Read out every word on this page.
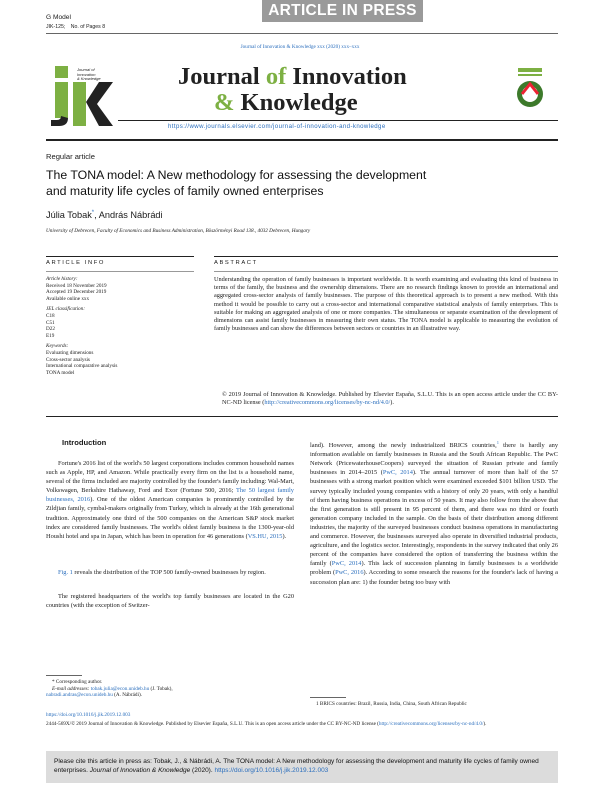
G Model
JIK-125; No. of Pages 8
ARTICLE IN PRESS
Journal of Innovation & Knowledge xxx (2020) xxx–xxx
Journal of
Innovation
& Knowledge	Journal of Innovation
& Knowledge
https://www.journals.elsevier.com/journal-of-innovation-and-knowledge
Regular article
The TONA model: A New methodology for assessing the development and maturity life cycles of family owned enterprises
Júlia Tobak*, András Nábrádi
University of Debrecen, Faculty of Economics and Business Administration, Böszörményi Road 138., 4032 Debrecen, Hungary
ARTICLE INFO
Article history:
Received 18 November 2019
Accepted 19 December 2019
Available online xxx
JEL classification:
C18
C51
D22
E19
Keywords:
Evaluating dimensions
Cross-sector analysis
International comparative analysis
TONA model
ABSTRACT
Understanding the operation of family businesses is important worldwide. It is worth examining and evaluating this kind of business in terms of the family, the business and the ownership dimensions. There are no research findings known to provide an international and aggregated cross-sector analysis of family businesses. The purpose of this theoretical approach is to present a new method. With this method it would be possible to carry out a cross-sector and international comparative statistical analysis of family enterprises. This is suitable for making an aggregated analysis of one or more companies. The simultaneous or separate examination of the development of dimensions can assist family businesses in measuring their own status. The TONA model is applicable to measuring the evolution of family businesses and can show the differences between sectors or countries in an illustrative way.
© 2019 Journal of Innovation & Knowledge. Published by Elsevier España, S.L.U. This is an open access article under the CC BY-NC-ND license (http://creativecommons.org/licenses/by-nc-nd/4.0/).
Introduction
Fortune's 2016 list of the world's 50 largest corporations includes common household names such as Apple, HP, and Amazon. While practically every firm on the list is a household name, several of the firms included are majority controlled by the founder's family including: Wal-Mart, Volkswagen, Berkshire Hathaway, Ford and Exor (Fortune 500, 2016; The 50 largest family businesses, 2016). One of the oldest American companies is prominently controlled by the Zildjian family, cymbal-makers originally from Turkey, which is already at the 16th generational tradition. Approximately one third of the 500 companies on the American S&P stock market index are considered family businesses. The world's oldest family business is the 1300-year-old Houshi hotel and spa in Japan, which has been in operation for 46 generations (VS.HU, 2015).
Fig. 1 reveals the distribution of the TOP 500 family-owned businesses by region.
The registered headquarters of the world's top family businesses are located in the G20 countries (with the exception of Switzer-
land). However, among the newly industrialized BRICS countries,$^1$ there is hardly any information available on family businesses in Russia and the South African Republic. The PwC Network (PricewaterhouseCoopers) surveyed the situation of Russian private and family businesses in 2014–2015 (PwC, 2014). The annual turnover of more than half of the 57 businesses with a strong market position which were examined exceeded $101 billion USD. The survey typically included young companies with a history of only 20 years, with only a handful of them having business operations in excess of 50 years. It may also follow from the above that the first generation is still present in 95 percent of them, and there was no third or fourth generation company included in the sample. On the basis of their distribution among different industries, the majority of the surveyed businesses conduct business operations in manufacturing and commerce. However, the businesses surveyed also operate in diversified industrial products, agriculture, and the logistics sector. Interestingly, respondents in the survey indicated that only 26 percent of the companies have considered the option of transferring the business within the family (PwC, 2014). This lack of succession planning in family businesses is a worldwide problem (PwC, 2016). According to some research the reasons for the founder's lack of having a succession plan are: 1) the founder being too busy with
* Corresponding author.
E-mail addresses: tobak.julia@econ.unideb.hu (J. Tobak),
nabradi.andras@econ.unideb.hu (A. Nábrádi).
1 BRICS countries: Brazil, Russia, India, China, South African Republic
https://doi.org/10.1016/j.jik.2019.12.003
2444-569X/© 2019 Journal of Innovation & Knowledge. Published by Elsevier España, S.L.U. This is an open access article under the CC BY-NC-ND license (http://creativecommons.org/licenses/by-nc-nd/4.0/).
Please cite this article in press as: Tobak, J., & Nábrádi, A. The TONA model: A New methodology for assessing the development and maturity life cycles of family owned enterprises. Journal of Innovation & Knowledge (2020). https://doi.org/10.1016/j.jik.2019.12.003
